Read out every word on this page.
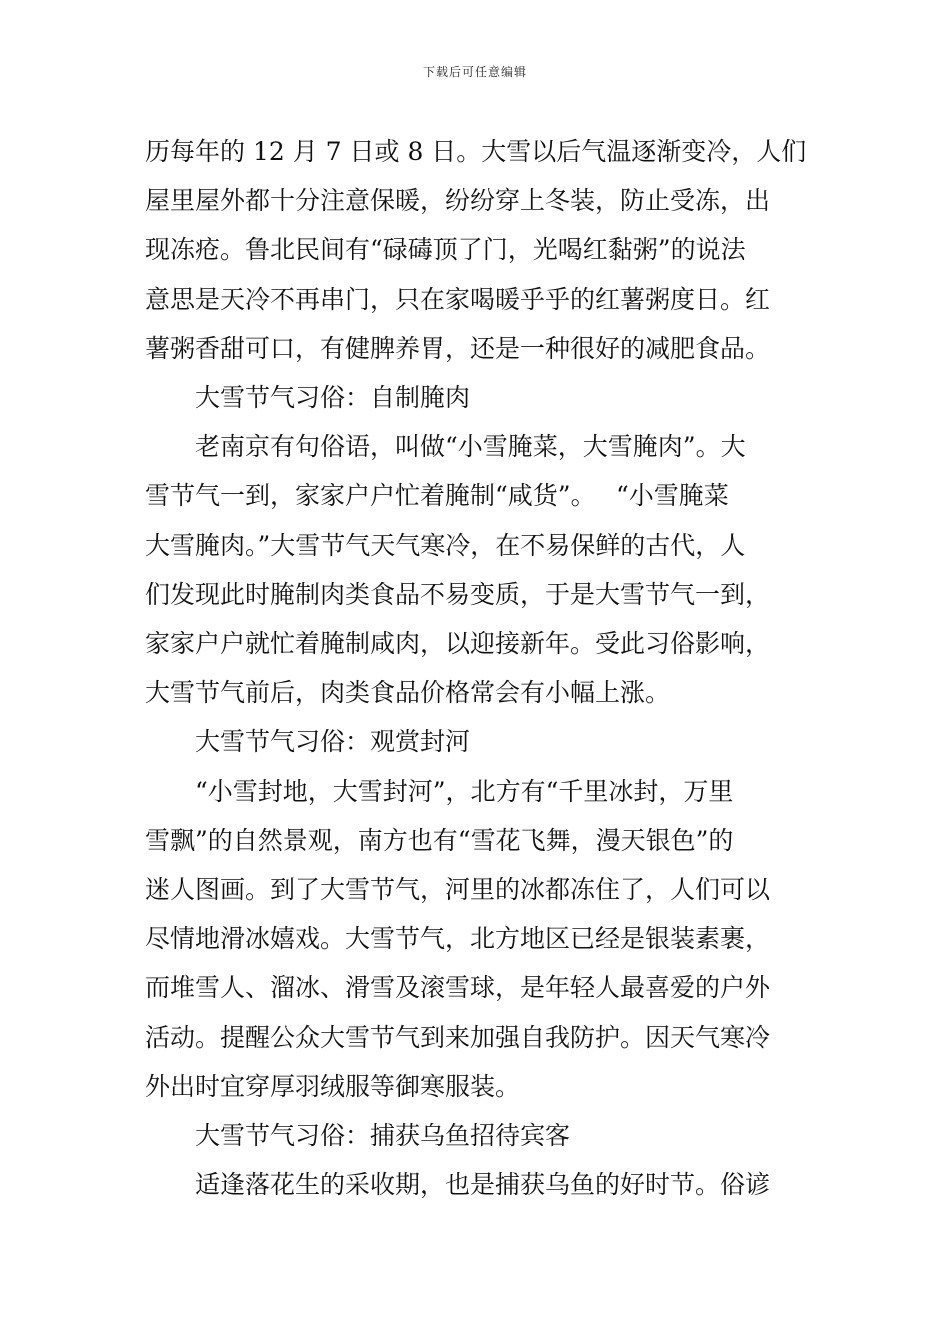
下载后可任意编辑
历每年的 12 月 7 日或 8 日。大雪以后气温逐渐变冷，人们
屋里屋外都十分注意保暖，纷纷穿上冬装，防止受冻，出
现冻疮。鲁北民间有“碌碡顶了门，光喝红黏粥”的说法
意思是天冷不再串门，只在家喝暖乎乎的红薯粥度日。红
薯粥香甜可口，有健脾养胃，还是一种很好的减肥食品。
大雪节气习俗：自制腌肉
老南京有句俗语，叫做“小雪腌菜，大雪腌肉”。大
雪节气一到，家家户户忙着腌制“咸货”。　 “小雪腌菜
大雪腌肉。”大雪节气天气寒冷，在不易保鲜的古代，人
们发现此时腌制肉类食品不易变质，于是大雪节气一到，
家家户户就忙着腌制咸肉，以迎接新年。受此习俗影响，
大雪节气前后，肉类食品价格常会有小幅上涨。
大雪节气习俗：观赏封河
“小雪封地，大雪封河”，北方有“千里冰封，万里
雪飘”的自然景观，南方也有“雪花飞舞，漫天银色”的
迷人图画。到了大雪节气，河里的冰都冻住了，人们可以
尽情地滑冰嬉戏。大雪节气，北方地区已经是银装素裹，
而堆雪人、溜冰、滑雪及滚雪球，是年轻人最喜爱的户外
活动。提醒公众大雪节气到来加强自我防护。因天气寒冷
外出时宜穿厚羽绒服等御寒服装。
大雪节气习俗：捕获乌鱼招待宾客
适逢落花生的采收期，也是捕获乌鱼的好时节。俗谚
